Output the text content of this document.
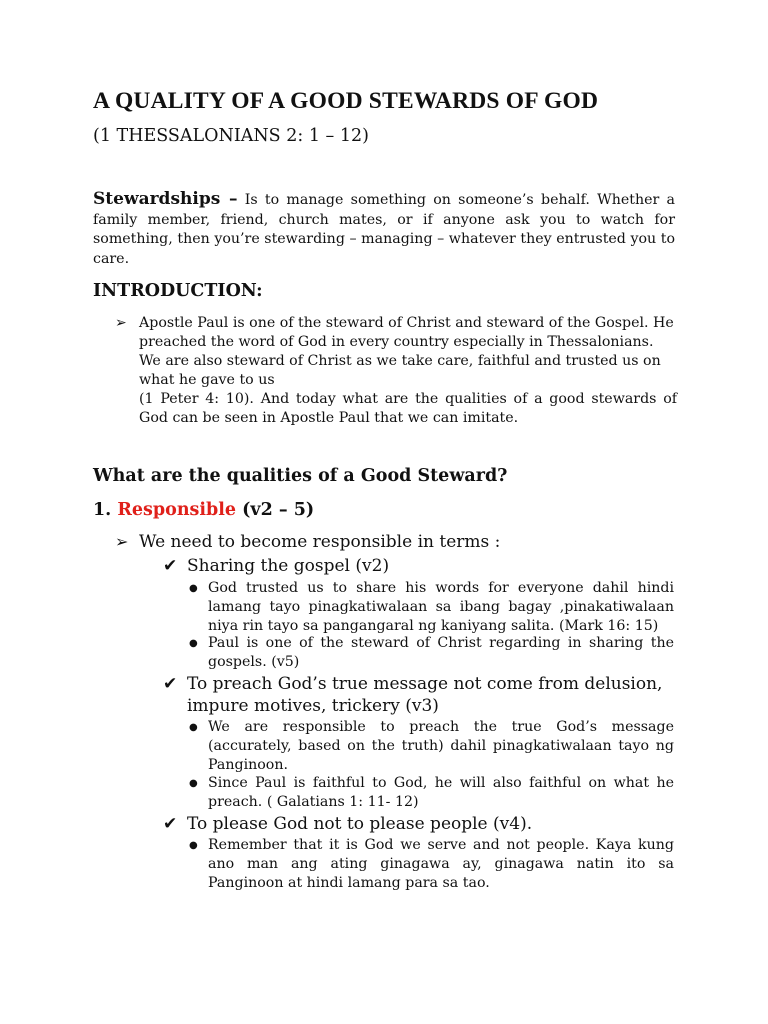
A QUALITY OF A GOOD STEWARDS OF GOD
(1 THESSALONIANS 2: 1 – 12)
Stewardships – Is to manage something on someone’s behalf. Whether a family member, friend, church mates, or if anyone ask you to watch for something, then you’re stewarding – managing – whatever they entrusted you to care.
INTRODUCTION:
➢ Apostle Paul is one of the steward of Christ and steward of the Gospel. He preached the word of God in every country especially in Thessalonians. We are also steward of Christ as we take care, faithful and trusted us on what he gave to us
(1 Peter 4: 10). And today what are the qualities of a good stewards of God can be seen in Apostle Paul that we can imitate.
What are the qualities of a Good Steward?
1. Responsible (v2 – 5)
➢ We need to become responsible in terms :
✔ Sharing the gospel (v2)
● God trusted us to share his words for everyone dahil hindi lamang tayo pinagkatiwalaan sa ibang bagay ,pinakatiwalaan niya rin tayo sa pangangaral ng kaniyang salita. (Mark 16: 15)
● Paul is one of the steward of Christ regarding in sharing the gospels. (v5)
✔ To preach God’s true message not come from delusion, impure motives, trickery (v3)
● We are responsible to preach the true God’s message (accurately, based on the truth) dahil pinagkatiwalaan tayo ng Panginoon.
● Since Paul is faithful to God, he will also faithful on what he preach. ( Galatians 1: 11- 12)
✔ To please God not to please people (v4).
● Remember that it is God we serve and not people. Kaya kung ano man ang ating ginagawa ay, ginagawa natin ito sa Panginoon at hindi lamang para sa tao.
